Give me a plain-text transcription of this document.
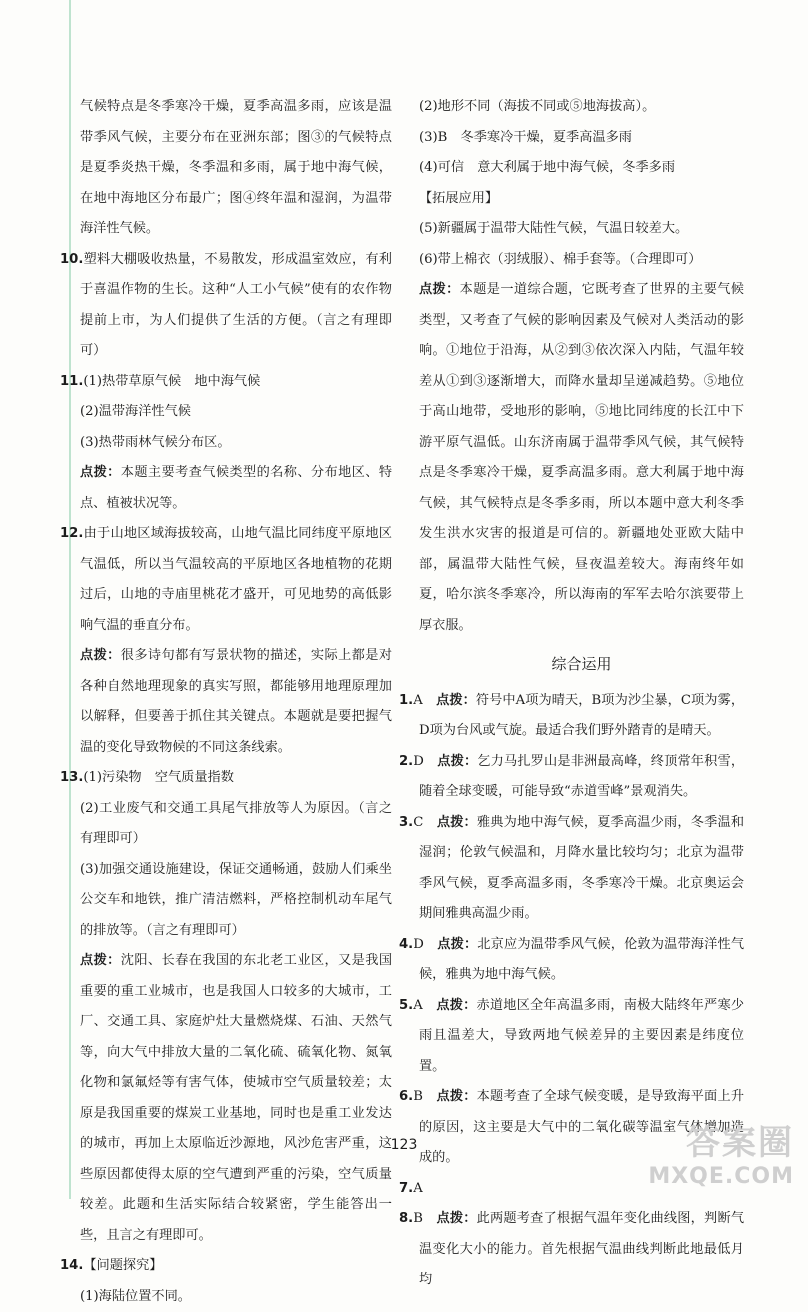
气候特点是冬季寒冷干燥，夏季高温多雨，应该是温带季风气候，主要分布在亚洲东部；图③的气候特点是夏季炎热干燥，冬季温和多雨，属于地中海气候，在地中海地区分布最广；图④终年温和湿润，为温带海洋性气候。

10.塑料大棚吸收热量，不易散发，形成温室效应，有利于喜温作物的生长。这种“人工小气候”使有的农作物提前上市，为人们提供了生活的方便。（言之有理即可）

11.(1)热带草原气候　地中海气候

(2)温带海洋性气候

(3)热带雨林气候分布区。

点拨：本题主要考查气候类型的名称、分布地区、特点、植被状况等。

12.由于山地区域海拔较高，山地气温比同纬度平原地区气温低，所以当气温较高的平原地区各地植物的花期过后，山地的寺庙里桃花才盛开，可见地势的高低影响气温的垂直分布。

点拨：很多诗句都有写景状物的描述，实际上都是对各种自然地理现象的真实写照，都能够用地理原理加以解释，但要善于抓住其关键点。本题就是要把握气温的变化导致物候的不同这条线索。

13.(1)污染物　空气质量指数

(2)工业废气和交通工具尾气排放等人为原因。（言之有理即可）

(3)加强交通设施建设，保证交通畅通，鼓励人们乘坐公交车和地铁，推广清洁燃料，严格控制机动车尾气的排放等。（言之有理即可）

点拨：沈阳、长春在我国的东北老工业区，又是我国重要的重工业城市，也是我国人口较多的大城市，工厂、交通工具、家庭炉灶大量燃烧煤、石油、天然气等，向大气中排放大量的二氧化硫、硫氧化物、氮氧化物和氯氟烃等有害气体，使城市空气质量较差；太原是我国重要的煤炭工业基地，同时也是重工业发达的城市，再加上太原临近沙源地，风沙危害严重，这些原因都使得太原的空气遭到严重的污染，空气质量较差。此题和生活实际结合较紧密，学生能答出一些，且言之有理即可。

14.【问题探究】

(1)海陆位置不同。

(2)地形不同（海拔不同或⑤地海拔高）。

(3)B　冬季寒冷干燥，夏季高温多雨

(4)可信　意大利属于地中海气候，冬季多雨

【拓展应用】

(5)新疆属于温带大陆性气候，气温日较差大。

(6)带上棉衣（羽绒服）、棉手套等。（合理即可）

点拨：本题是一道综合题，它既考查了世界的主要气候类型，又考查了气候的影响因素及气候对人类活动的影响。①地位于沿海，从②到③依次深入内陆，气温年较差从①到③逐渐增大，而降水量却呈递减趋势。⑤地位于高山地带，受地形的影响，⑤地比同纬度的长江中下游平原气温低。山东济南属于温带季风气候，其气候特点是冬季寒冷干燥，夏季高温多雨。意大利属于地中海气候，其气候特点是冬季多雨，所以本题中意大利冬季发生洪水灾害的报道是可信的。新疆地处亚欧大陆中部，属温带大陆性气候，昼夜温差较大。海南终年如夏，哈尔滨冬季寒冷，所以海南的军军去哈尔滨要带上厚衣服。

综合运用

1.A　 点拨：符号中A项为晴天，B项为沙尘暴，C项为雾，D项为台风或气旋。最适合我们野外踏青的是晴天。

2.D　 点拨：乞力马扎罗山是非洲最高峰，终顶常年积雪，随着全球变暖，可能导致“赤道雪峰”景观消失。

3.C　 点拨：雅典为地中海气候，夏季高温少雨，冬季温和湿润；伦敦气候温和，月降水量比较均匀；北京为温带季风气候，夏季高温多雨，冬季寒冷干燥。北京奥运会期间雅典高温少雨。

4.D　 点拨：北京应为温带季风气候，伦敦为温带海洋性气候，雅典为地中海气候。

5.A　 点拨：赤道地区全年高温多雨，南极大陆终年严寒少雨且温差大，导致两地气候差异的主要因素是纬度位置。

6.B　 点拨：本题考查了全球气候变暖，是导致海平面上升的原因，这主要是大气中的二氧化碳等温室气体增加造成的。

7.A　

8.B　 点拨：此两题考查了根据气温年变化曲线图，判断气温变化大小的能力。首先根据气温曲线判断此地最低月均

123	答案圈
MXQE.COM
